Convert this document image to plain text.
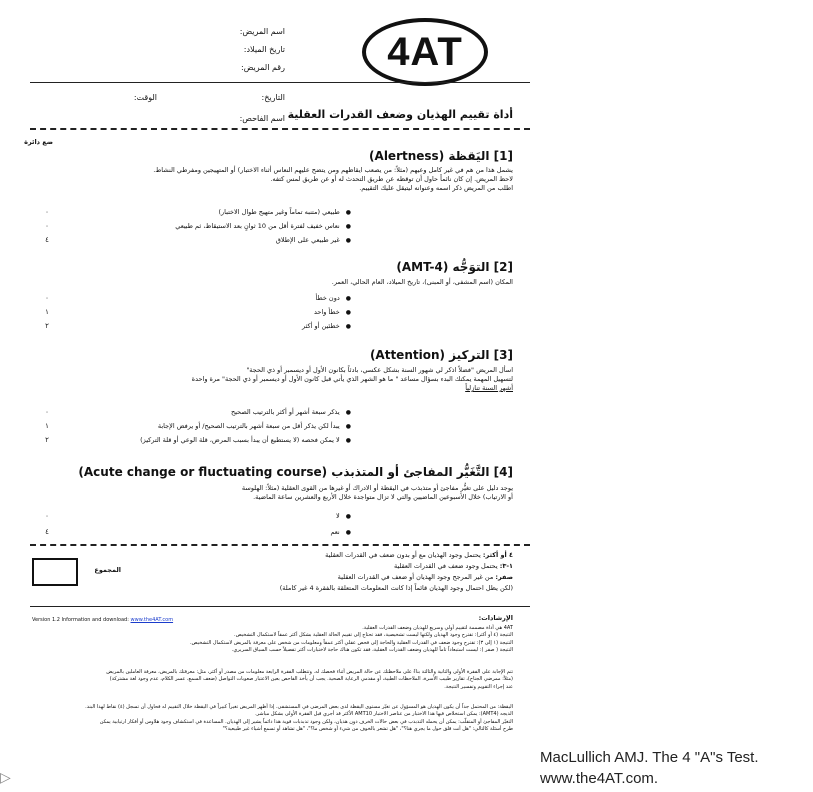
4AT
اسم المريض:
تاريخ الميلاد:
رقم المريض:
التاريخ:
الوقت:
اسم الفاحص: أداة تقييم الهذيان وضعف القدرات العقلية
ضع دائرة
[1] اليَقظة (Alertness)
يشمل هذا من هم في غير كامل وعيهم (مثلاً: من يصعب ايقاظهم ومن يتضح عليهم النعاس أثناء الاختبار) أو المتهيجين ومفرطي النشاط.
لاحظ المريض. إن كان نائماً حاول أن توقظه عن طريق التحدث له أو عن طريق لمس كتفه.
اطلب من المريض ذكر اسمه وعنوانه ليتيقل عليك التقييم.
● طبيعي (متنبه تماماً وغير متهيج طوال الاختبار)
● نعاس خفيف لفترة أقل من 10 ثوانٍ بعد الاستيقاظ، ثم طبيعي
● غير طبيعي على الإطلاق
٠
٠
٤
[2] التوَجُّه (AMT-4)
المكان (اسم المشفى، أو المبنى)، تاريخ الميلاد، العام الحالي، العمر.
● دون خطأ
● خطأ واحد
● خطئين أو أكثر
٠
١
٢
[3] التركيز (Attention)
اسأل المريض "فضلاً اذكر لي شهور السنة بشكل عكسي، بادئاً بكانون الأول أو ديسمبر أو ذي الحجة"
لتسهيل المهمة يمكنك البدء بسؤال مساعد " ما هو الشهر الذي يأتي قبل كانون الأول أو ديسمبر أو ذي الحجة" مرة واحدة
أشهر السنة تنازلياً
● يذكر سبعة أشهر أو أكثر بالترتيب الصحيح
● يبدأ لكن يذكر أقل من سبعة أشهر بالترتيب الصحيح/ أو يرفض الإجابة
● لا يمكن فحصه (لا يستطيع أن يبدأ بسبب المرض، قلة الوعي أو قلة التركيز)
٠
١
٢
[4] التَّغَيُّر المفاجئ أو المتذبذب (Acute change or fluctuating course)
يوجد دليل على تغيُّر مفاجئ أو متذبذب في اليقظة أو الادراك أو غيرها من القوى العقلية (مثلاً: الهلوسة
أو الارتياب) خلال الأسبوعين الماضيين والتي لا تزال متواجدة خلال الأربع والعشرين ساعة الماضية.
● لا
● نعم
٠
٤
٤ أو أكثر: يحتمل وجود الهذيان مع أو بدون ضعف في القدرات العقلية
١-٣: يحتمل وجود ضعف في القدرات العقلية
صفر: من غير المرجح وجود الهذيان أو ضعف في القدرات العقلية
(لكن يظل احتمال وجود الهذيان قائماً إذا كانت المعلومات المتعلقة بالفقرة 4 غير كاملة)
المجموع
Version 1.2 Information and download: www.the4AT.com	الإرشادات:
4AT هي أداة مصممة لتقييم أولي وسريع للهذيان وضعف القدرات العقلية.
النتيجة (٤ أو أكثر): تقترح وجود الهذيان ولكنها ليست تشخيصية، فقد تحتاج إلى تقييم الحالة العقلية بشكل أكثر عمقاً لاستكمال التشخيص.
النتيجة (١ إلى ٣): تقترح وجود ضعف في القدرات العقلية والحاجة إلى فحص عقلي أكثر عمقاً ومعلومات من شخص على معرفة بالمريض لاستكمال التشخيص.
النتيجة ( صفر ): ليست استبعاداً تاماً للهذيان وضعف القدرات العقلية، فقد تكون هناك حاجة لاختبارات أكثر تفصيلاً حسب السياق السريري.
تتم الإجابة على الفقرة الأولى والثانية والثالثة بناءً على ملاحظتك عن حالة المريض أثناء فحصك له. وتتطلب الفقرة الرابعة معلومات من مصدر أو أكثر، مثل: معرفتك بالمريض، معرفة العاملين بالمريض
(مثلاً: ممرضي الجناح)، تقارير طبيب الأسرة، الملاحظات الطبية، أو مقدمي الرعاية الصحية. يجب أن يأخذ الفاحص بعين الاعتبار صعوبات التواصل (ضعف السمع، عسر الكلام، عدم وجود لغة مشتركة)
عند إجراء التقويم وتفسير النتيجة.
اليقظة: من المحتمل جداً أن يكون الهذيان هو المسؤول عن تغيّر مستوى اليقظة لدى بعض المرضى في المستشفى. إذا أظهر المريض تغيراً كبيراً في اليقظة خلال التقييم له فحاول أن تسجل (٤) نقاط لهذا البند.
الذيجه (AMT4): يمكن استخلاص فيها هذا الاختبار من عناصر الاختبار AMT10 الأكثر قد أجري قبل الفقرة الأولى بشكل مباشر.
التغيّر المفاجئ أو المتقلّب: يمكن أن يحمله التذبذب في بعض حالات الخرف دون هذيان، ولكن وجود تذبذبات قوية هذا دائماً يشير إلى الهذيان. المساعدة في استكشاف وجود هلاوس أو أفكار ارتيابية يمكن
طرح أسئلة كالتالي: "هل أنت قلق حول ما يجري هنا؟"، "هل تشعر بالخوف من شيء أو شخص ما؟"، "هل تشاهد أو تسمع أشياء غير طبيعية؟"
MacLullich AMJ. The 4 "A"s Test.
www.the4AT.com.
▷
